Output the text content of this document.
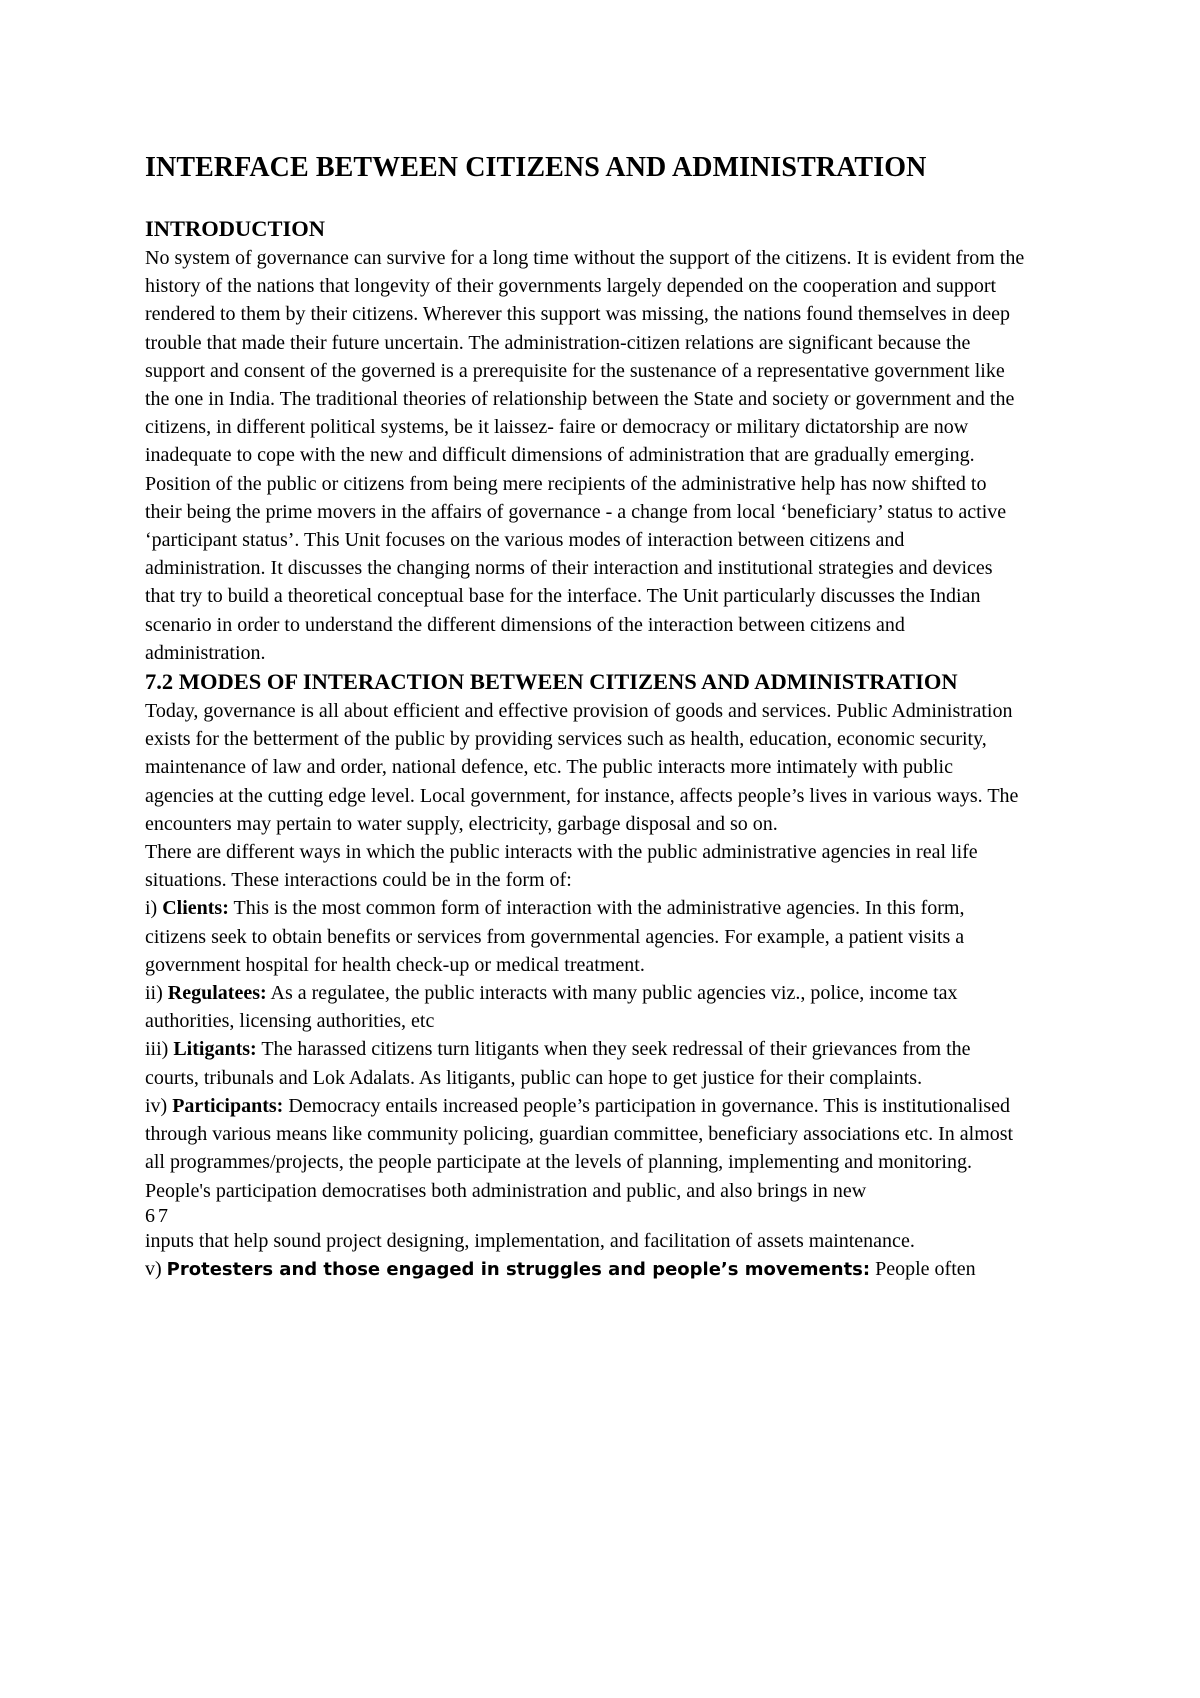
INTERFACE BETWEEN CITIZENS AND ADMINISTRATION
INTRODUCTION

No system of governance can survive for a long time without the support of the citizens. It is evident from the history of the nations that longevity of their governments largely depended on the cooperation and support rendered to them by their citizens. Wherever this support was missing, the nations found themselves in deep trouble that made their future uncertain. The administration-citizen relations are significant because the support and consent of the governed is a prerequisite for the sustenance of a representative government like the one in India. The traditional theories of relationship between the State and society or government and the citizens, in different political systems, be it laissez- faire or democracy or military dictatorship are now inadequate to cope with the new and difficult dimensions of administration that are gradually emerging. Position of the public or citizens from being mere recipients of the administrative help has now shifted to their being the prime movers in the affairs of governance - a change from local ‘beneficiary’ status to active ‘participant status’. This Unit focuses on the various modes of interaction between citizens and administration. It discusses the changing norms of their interaction and institutional strategies and devices that try to build a theoretical conceptual base for the interface. The Unit particularly discusses the Indian scenario in order to understand the different dimensions of the interaction between citizens and administration.

7.2 MODES OF INTERACTION BETWEEN CITIZENS AND ADMINISTRATION

Today, governance is all about efficient and effective provision of goods and services. Public Administration exists for the betterment of the public by providing services such as health, education, economic security, maintenance of law and order, national defence, etc. The public interacts more intimately with public agencies at the cutting edge level. Local government, for instance, affects people’s lives in various ways. The encounters may pertain to water supply, electricity, garbage disposal and so on.

There are different ways in which the public interacts with the public administrative agencies in real life situations. These interactions could be in the form of:

i) Clients: This is the most common form of interaction with the administrative agencies. In this form, citizens seek to obtain benefits or services from governmental agencies. For example, a patient visits a government hospital for health check-up or medical treatment.

ii) Regulatees: As a regulatee, the public interacts with many public agencies viz., police, income tax authorities, licensing authorities, etc

iii) Litigants: The harassed citizens turn litigants when they seek redressal of their grievances from the courts, tribunals and Lok Adalats. As litigants, public can hope to get justice for their complaints.

iv) Participants: Democracy entails increased people’s participation in governance. This is institutionalised through various means like community policing, guardian committee, beneficiary associations etc. In almost all programmes/projects, the people participate at the levels of planning, implementing and monitoring. People's participation democratises both administration and public, and also brings in new

67

inputs that help sound project designing, implementation, and facilitation of assets maintenance.

v) Protesters and those engaged in struggles and people’s movements: People often
